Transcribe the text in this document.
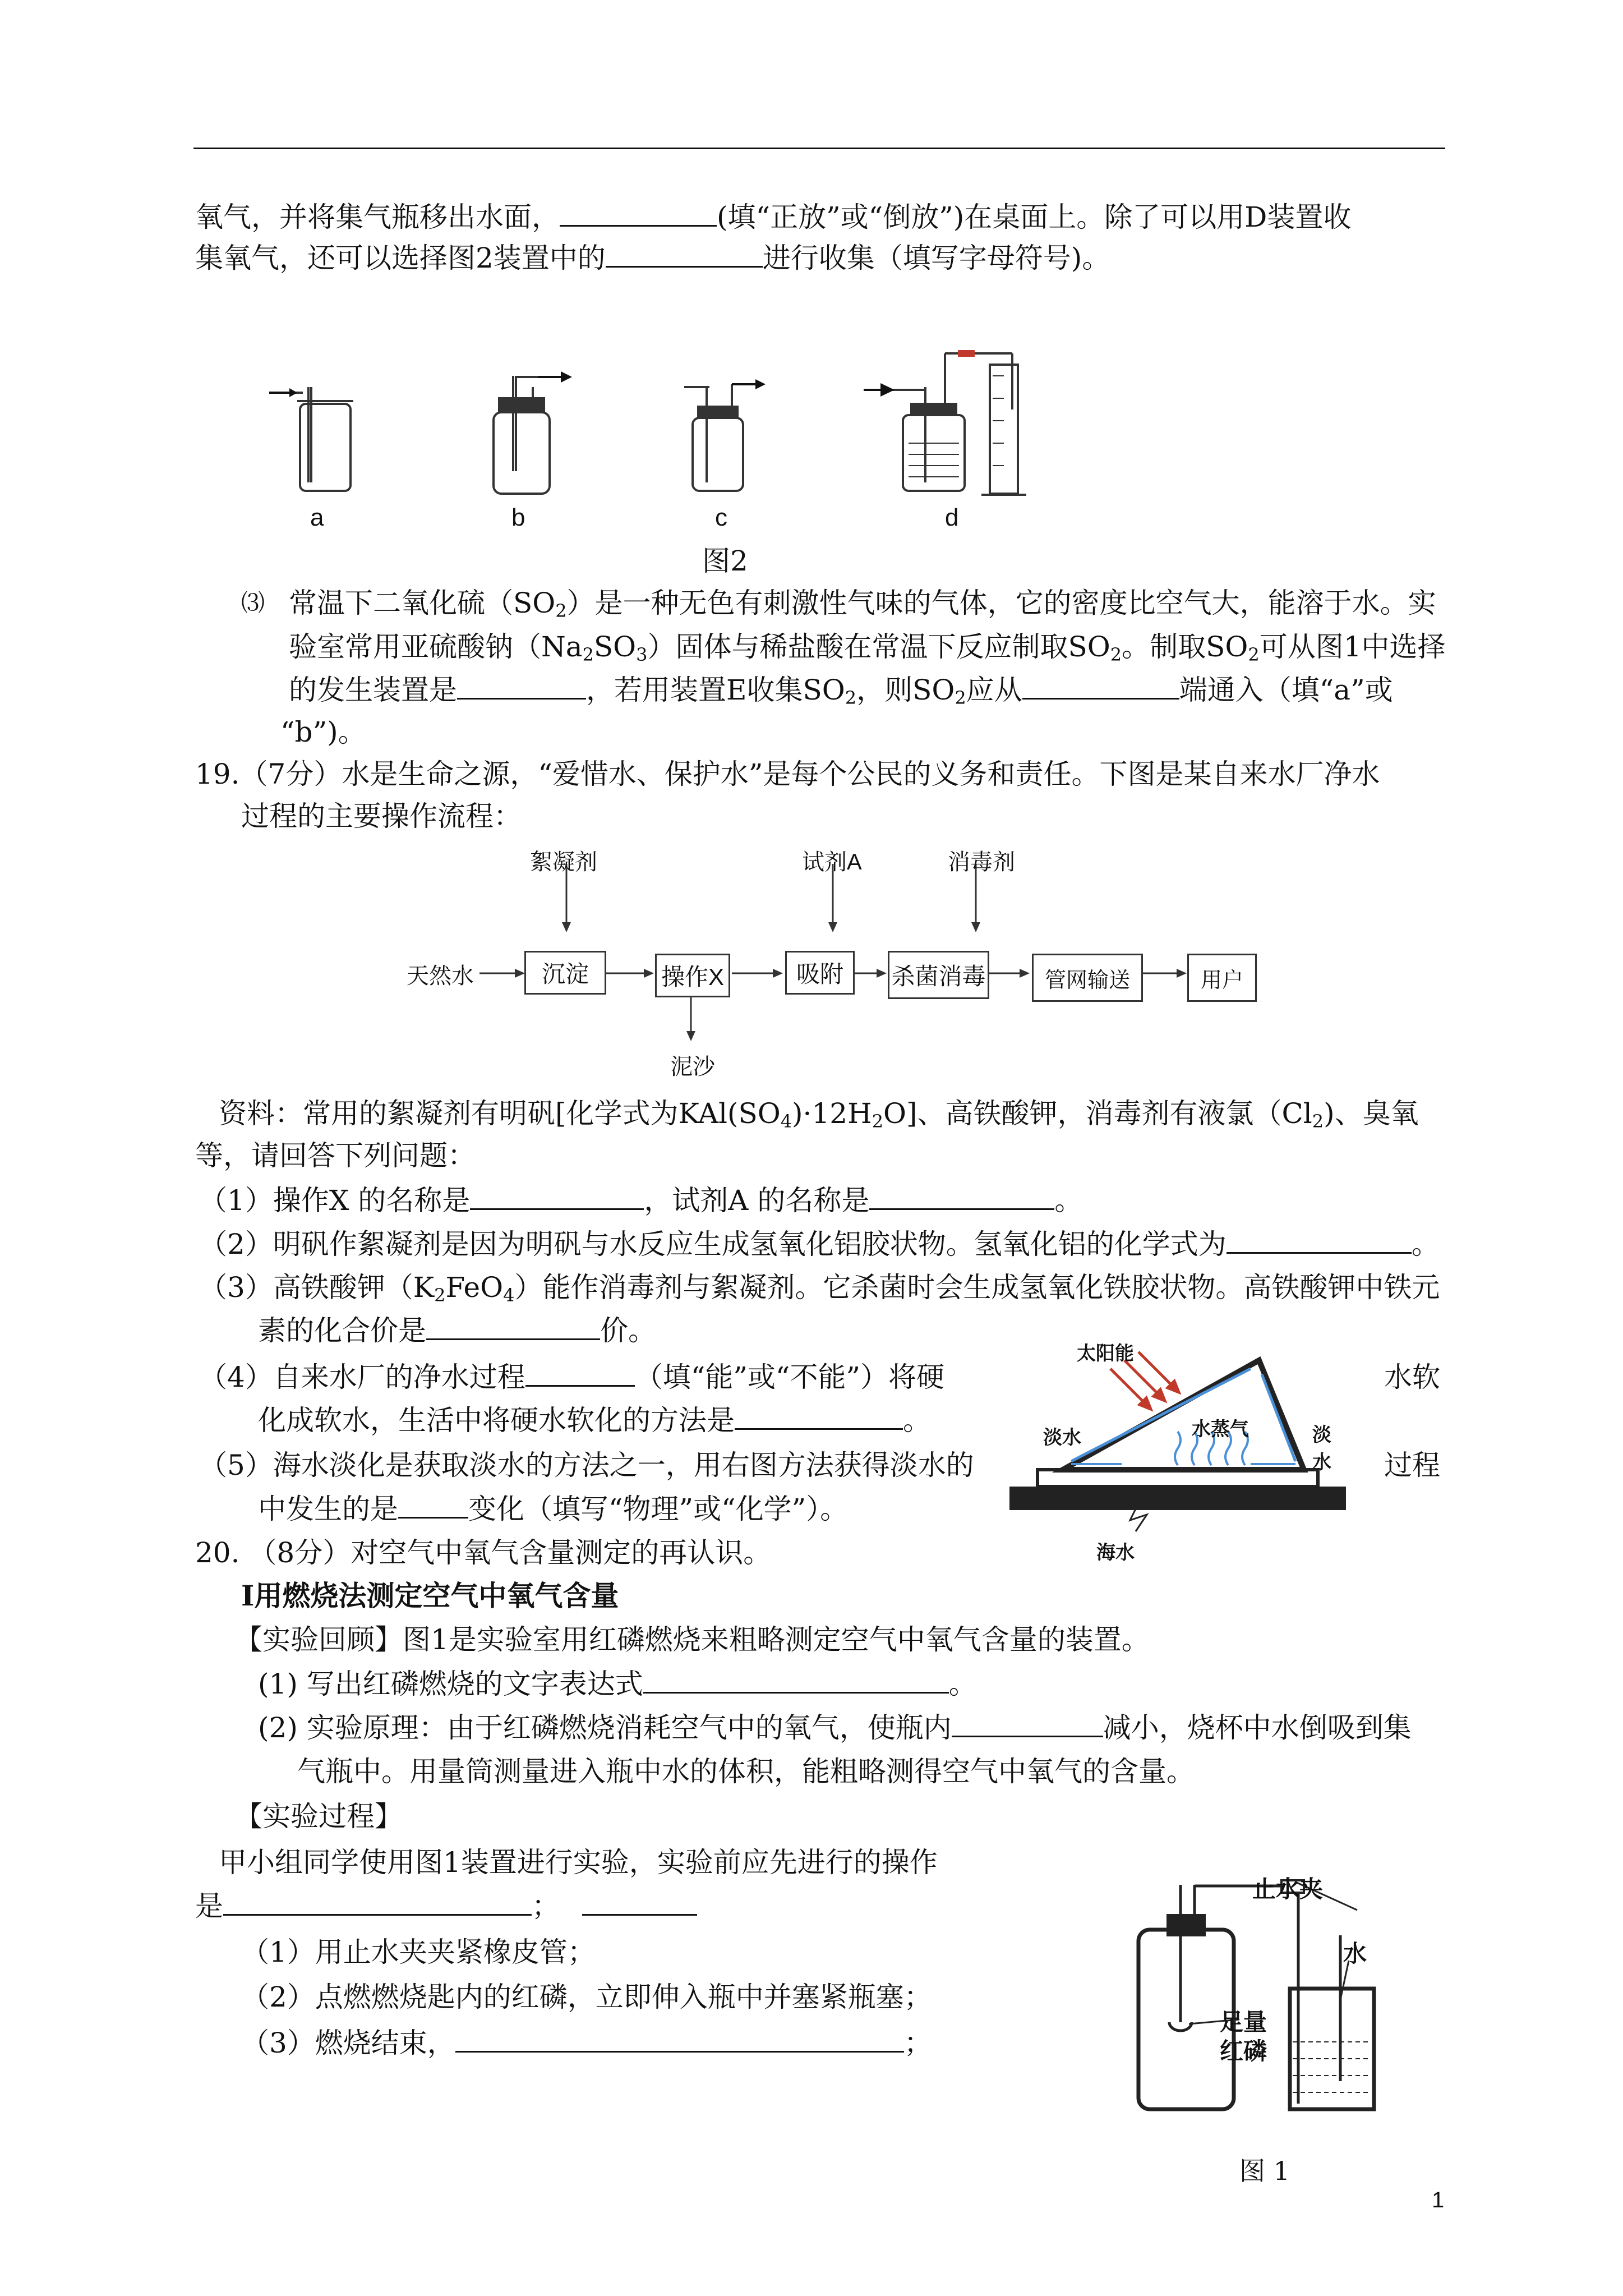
氧气，并将集气瓶移出水面，	(填“正放”或“倒放”)在桌面上。除了可以用D装置收
集氧气，还可以选择图2装置中的	进行收集（填写字母符号)。
a	b	c	d
图2
⑶ 常温下二氧化硫$(SO_2)$是一种无色有刺激性气味的气体，它的密度比空气大，能溶于水。实
验室常用亚硫酸钠$(Na_2SO_3)$固体与稀盐酸在常温下反应制取$SO_2$。制取$SO_2$可从图1中选择
的发生装置是	，若用装置E收集$SO_2$，则$SO_2$应从	端通入（填“a”或
“b”)。
19.（7分）水是生命之源，“爱惜水、保护水”是每个公民的义务和责任。下图是某自来水厂净水
过程的主要操作流程：
絮凝剂	试剂A	消毒剂
天然水	沉淀	操作X	吸附	杀菌消毒	管网输送	用户
泥沙
资料：常用的絮凝剂有明矾[化学式为$KAl(SO_4)\cdot 12H_2O$]、高铁酸钾，消毒剂有液氯$(Cl_2)$、臭氧
等，请回答下列问题：
（1）操作X 的名称是	，试剂A 的名称是	。
（2）明矾作絮凝剂是因为明矾与水反应生成氢氧化铝胶状物。氢氧化铝的化学式为	。
（3）高铁酸钾$(K_2FeO_4)$能作消毒剂与絮凝剂。它杀菌时会生成氢氧化铁胶状物。高铁酸钾中铁元
素的化合价是	价。
（4）自来水厂的净水过程	（填“能”或“不能”）将硬	水软
化成软水，生活中将硬水软化的方法是	。
（5）海水淡化是获取淡水的方法之一，用右图方法获得淡水的	过程
中发生的是	变化（填写“物理”或“化学”）。
太阳能
淡水	水蒸气	淡水
海水
20. （8分）对空气中氧气含量测定的再认识。
Ⅰ用燃烧法测定空气中氧气含量
【实验回顾】图1是实验室用红磷燃烧来粗略测定空气中氧气含量的装置。
(1) 写出红磷燃烧的文字表达式	。
(2) 实验原理：由于红磷燃烧消耗空气中的氧气，使瓶内	减小，烧杯中水倒吸到集
气瓶中。用量筒测量进入瓶中水的体积，能粗略测得空气中氧气的含量。
【实验过程】
甲小组同学使用图1装置进行实验，实验前应先进行的操作
是	；
（1）用止水夹夹紧橡皮管；
（2）点燃燃烧匙内的红磷，立即伸入瓶中并塞紧瓶塞；
（3）燃烧结束，	；
止水夹
水
足量
红磷
图 1
1
